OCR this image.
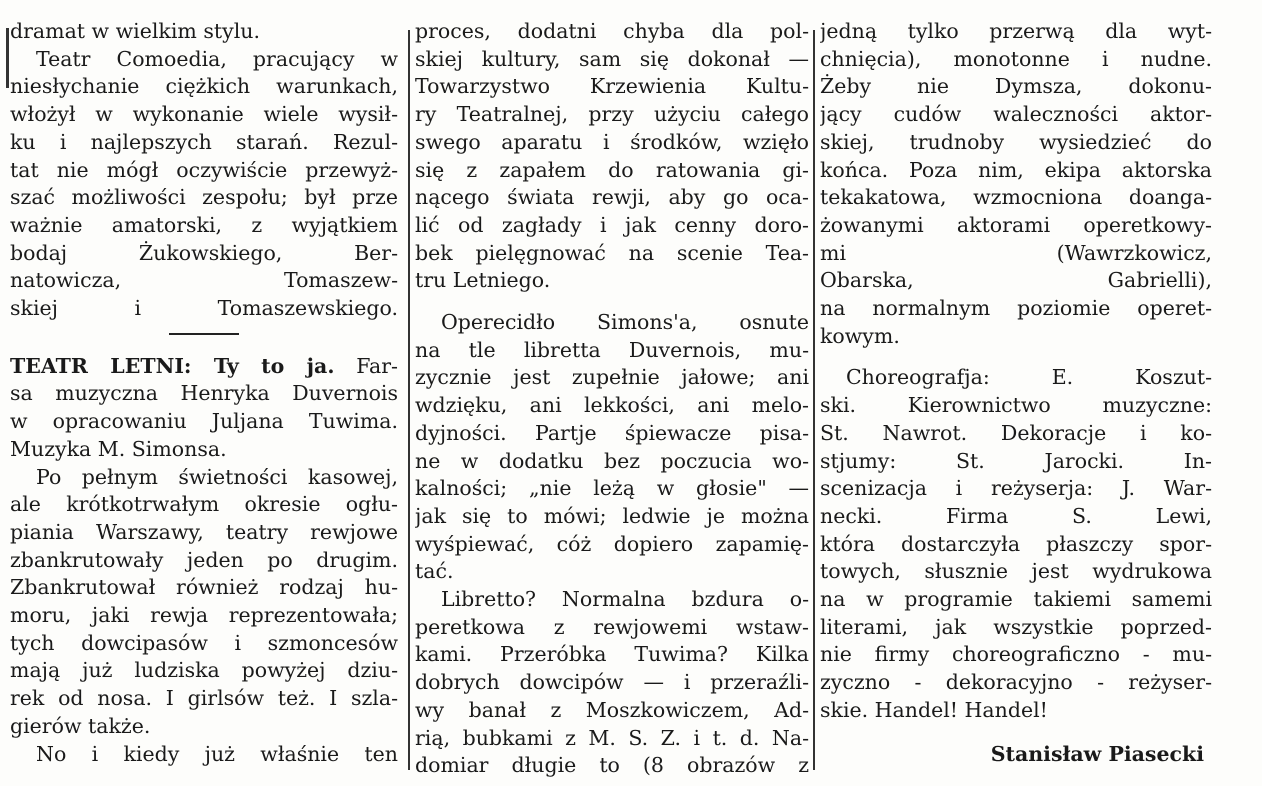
dramat w wielkim stylu.
Teatr Comoedia, pracujący w
niesłychanie ciężkich warunkach,
włożył w wykonanie wiele wysił-
ku i najlepszych starań. Rezul-
tat nie mógł oczywiście przewyż-
szać możliwości zespołu; był prze
ważnie amatorski, z wyjątkiem
bodaj Żukowskiego, Ber-
natowicza, Tomaszew-
skiej i Tomaszewskiego.
TEATR LETNI: Ty to ja. Far-
sa muzyczna Henryka Duvernois
w opracowaniu Juljana Tuwima.
Muzyka M. Simonsa.
Po pełnym świetności kasowej,
ale krótkotrwałym okresie ogłu-
piania Warszawy, teatry rewjowe
zbankrutowały jeden po drugim.
Zbankrutował również rodzaj hu-
moru, jaki rewja reprezentowała;
tych dowcipasów i szmoncesów
mają już ludziska powyżej dziu-
rek od nosa. I girlsów też. I szla-
gierów także.
No i kiedy już właśnie ten
proces, dodatni chyba dla pol-
skiej kultury, sam się dokonał —
Towarzystwo Krzewienia Kultu-
ry Teatralnej, przy użyciu całego
swego aparatu i środków, wzięło
się z zapałem do ratowania gi-
nącego świata rewji, aby go oca-
lić od zagłady i jak cenny doro-
bek pielęgnować na scenie Tea-
tru Letniego.
Operecidło Simons'a, osnute
na tle libretta Duvernois, mu-
zycznie jest zupełnie jałowe; ani
wdzięku, ani lekkości, ani melo-
dyjności. Partje śpiewacze pisa-
ne w dodatku bez poczucia wo-
kalności; „nie leżą w głosie" —
jak się to mówi; ledwie je można
wyśpiewać, cóż dopiero zapamię-
tać.
Libretto? Normalna bzdura o-
peretkowa z rewjowemi wstaw-
kami. Przeróbka Tuwima? Kilka
dobrych dowcipów — i przeraźli-
wy banał z Moszkowiczem, Ad-
rią, bubkami z M. S. Z. i t. d. Na-
domiar długie to (8 obrazów z
jedną tylko przerwą dla wyt-
chnięcia), monotonne i nudne.
Żeby nie Dymsza, dokonu-
jący cudów waleczności aktor-
skiej, trudnoby wysiedzieć do
końca. Poza nim, ekipa aktorska
tekakatowa, wzmocniona doanga-
żowanymi aktorami operetkowy-
mi (Wawrzkowicz,
Obarska, Gabrielli),
na normalnym poziomie operet-
kowym.
Choreografja: E. Koszut-
ski. Kierownictwo muzyczne:
St. Nawrot. Dekoracje i ko-
stjumy: St. Jarocki. In-
scenizacja i reżyserja: J. War-
necki. Firma S. Lewi,
która dostarczyła płaszczy spor-
towych, słusznie jest wydrukowa
na w programie takiemi samemi
literami, jak wszystkie poprzed-
nie firmy choreograficzno - mu-
zyczno - dekoracyjno - reżyser-
skie. Handel! Handel!
Stanisław Piasecki
